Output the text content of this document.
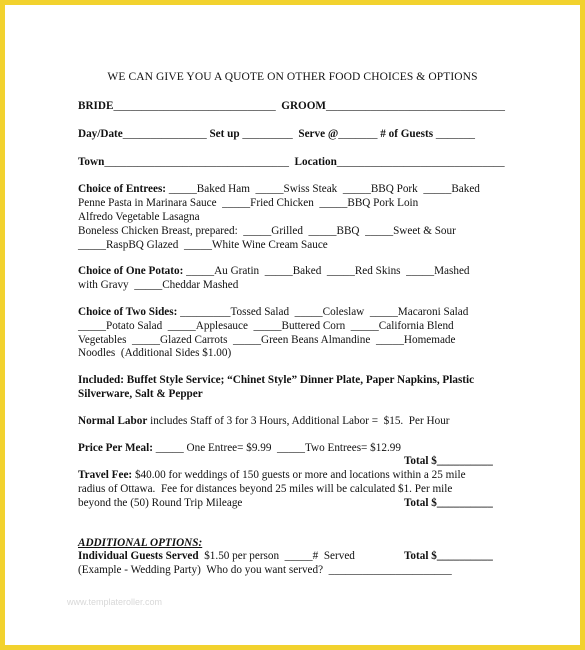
WE CAN GIVE YOU A QUOTE ON OTHER FOOD CHOICES & OPTIONS
BRIDE _____________________________
GROOM ________________________________
Day/Date _______________
Set up
_________
Serve @ _______
# of Guests
_______
Town _________________________________
Location ______________________________
Choice of Entrees: _____Baked Ham  _____Swiss Steak  _____BBQ Pork  _____Baked
Penne Pasta in Marinara Sauce  _____Fried Chicken  _____BBQ Pork Loin
Alfredo Vegetable Lasagna
Boneless Chicken Breast, prepared:  _____Grilled  _____BBQ  _____Sweet & Sour
_____RaspBQ Glazed  _____White Wine Cream Sauce
Choice of One Potato: _____Au Gratin  _____Baked  _____Red Skins  _____Mashed
with Gravy  _____Cheddar Mashed
Choice of Two Sides: _________Tossed Salad  _____Coleslaw  _____Macaroni Salad
_____Potato Salad  _____Applesauce  _____Buttered Corn  _____California Blend
Vegetables  _____Glazed Carrots  _____Green Beans Almandine  _____Homemade
Noodles  (Additional Sides $1.00)
Included: Buffet Style Service; “Chinet Style” Dinner Plate, Paper Napkins, Plastic
Silverware, Salt & Pepper
Normal Labor includes Staff of 3 for 3 Hours, Additional Labor =  $15.  Per Hour
Price Per Meal: _____ One Entree= $9.99  _____Two Entrees= $12.99
Total $__________
Travel Fee: $40.00 for weddings of 150 guests or more and locations within a 25 mile
radius of Ottawa.  Fee for distances beyond 25 miles will be calculated $1. Per mile
beyond the (50) Round Trip Mileage	Total $__________
ADDITIONAL OPTIONS:
Individual Guests Served  $1.50 per person  _____#  Served	Total $__________
(Example - Wedding Party)  Who do you want served?  ______________________
www.templateroller.com
